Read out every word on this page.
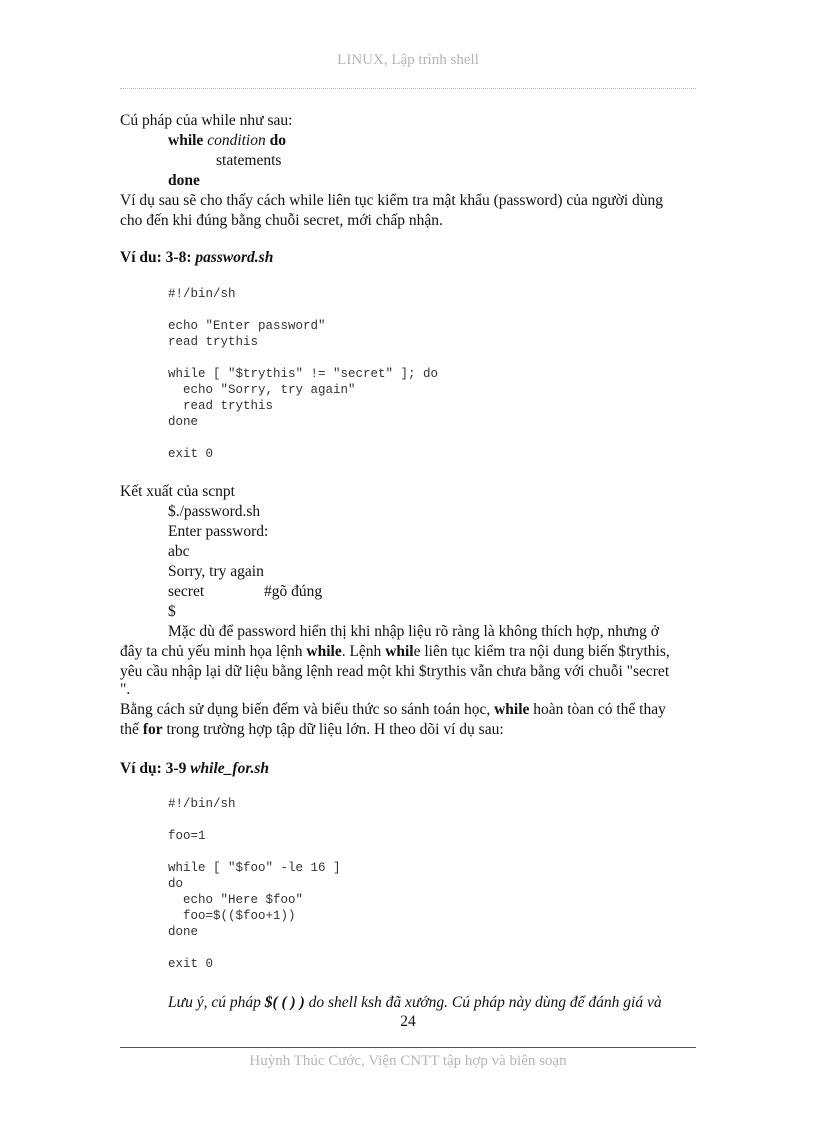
LINUX, Lập trình shell
Cú pháp của while như sau:
while condition do
statements
done
Ví dụ sau sẽ cho thấy cách while liên tục kiểm tra mật khẩu (password) của người dùng
cho đến khi đúng bằng chuỗi secret, mới chấp nhận.
Ví du: 3-8: password.sh
#!/bin/sh
echo "Enter password"
read trythis
while [ "$trythis" != "secret" ]; do
echo "Sorry, try again"
read trythis
done
exit 0
Kết xuất của scnpt
$./password.sh
Enter password:
abc
Sorry, try again
secret	#gõ đúng
$
Mặc dù để password hiển thị khi nhập liệu rõ ràng là không thích hợp, nhưng ở
đây ta chủ yếu minh họa lệnh while. Lệnh while liên tục kiểm tra nội dung biến $trythis,
yêu cầu nhập lại dữ liệu bằng lệnh read một khi $trythis vẫn chưa bằng với chuỗi "secret
".
Bằng cách sử dụng biến đếm và biểu thức so sánh toán học, while hoàn tòan có thể thay
thế for trong trường hợp tập dữ liệu lớn. H theo dõi ví dụ sau:
Ví dụ: 3-9 while_for.sh
#!/bin/sh
foo=1
while [ "$foo" -le 16 ]
do
echo "Here $foo"
foo=$(($foo+1))
done
exit 0
Lưu ý, cú pháp $( ( ) ) do shell ksh đã xướng. Cú pháp này dùng để đánh giá và
24
Huỳnh Thúc Cước, Viện CNTT tập hợp và biên soạn
